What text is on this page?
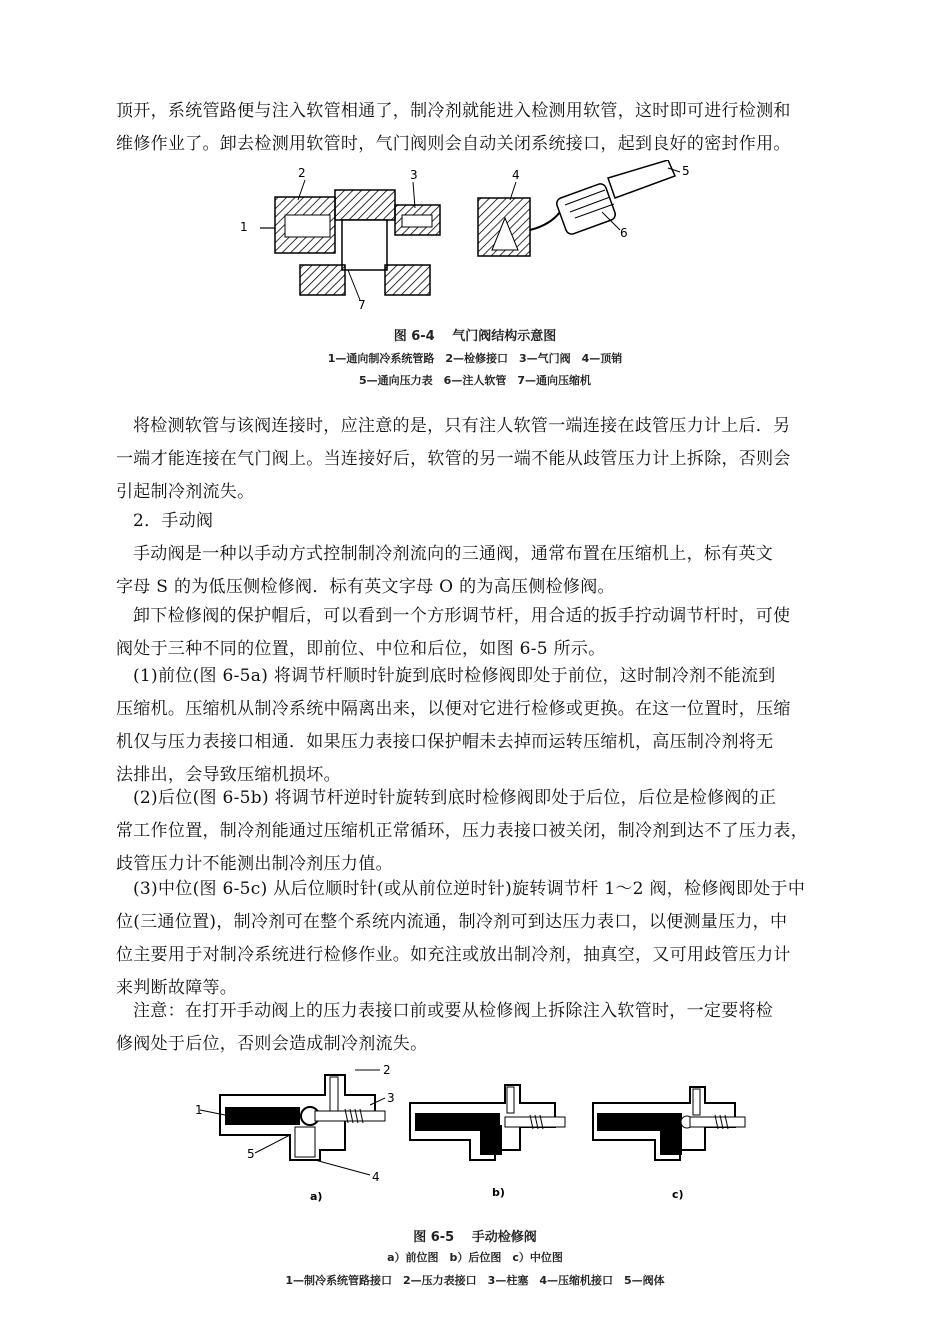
顶开，系统管路便与注入软管相通了，制冷剂就能进入检测用软管，这时即可进行检测和
维修作业了。卸去检测用软管时，气门阀则会自动关闭系统接口，起到良好的密封作用。
1
2	3
7
4	5
6
图 6-4　 气门阀结构示意图
1—通向制冷系统管路　2—检修接口　3—气门阀　4—顶销
5—通向压力表　6—注人软管　7—通向压缩机
将检测软管与该阀连接时，应注意的是，只有注人软管一端连接在歧管压力计上后．另
一端才能连接在气门阀上。当连接好后，软管的另一端不能从歧管压力计上拆除，否则会
引起制冷剂流失。
2．手动阀
手动阀是一种以手动方式控制制冷剂流向的三通阀，通常布置在压缩机上，标有英文
字母 S 的为低压侧检修阀．标有英文字母 O 的为高压侧检修阀。
卸下检修阀的保护帽后，可以看到一个方形调节杆，用合适的扳手拧动调节杆时，可使
阀处于三种不同的位置，即前位、中位和后位，如图 6-5 所示。
(1)前位(图 6-5a) 将调节杆顺时针旋到底时检修阀即处于前位，这时制冷剂不能流到
压缩机。压缩机从制冷系统中隔离出来，以便对它进行检修或更换。在这一位置时，压缩
机仅与压力表接口相通．如果压力表接口保护帽未去掉而运转压缩机，高压制冷剂将无
法排出，会导致压缩机损坏。
(2)后位(图 6-5b) 将调节杆逆时针旋转到底时检修阀即处于后位，后位是检修阀的正
常工作位置，制冷剂能通过压缩机正常循环，压力表接口被关闭，制冷剂到达不了压力表，
歧管压力计不能测出制冷剂压力值。
(3)中位(图 6-5c) 从后位顺时针(或从前位逆时针)旋转调节杆 1～2 阀，检修阀即处于中
位(三通位置)，制冷剂可在整个系统内流通，制冷剂可到达压力表口，以便测量压力，中
位主要用于对制冷系统进行检修作业。如充注或放出制冷剂，抽真空，又可用歧管压力计
来判断故障等。
注意：在打开手动阀上的压力表接口前或要从检修阀上拆除注入软管时，一定要将检
修阀处于后位，否则会造成制冷剂流失。
1
2
3
5
4
a)	b)	c)
图 6-5　 手动检修阀
a）前位图　b）后位图　c）中位图
1—制冷系统管路接口　2—压力表接口　3—柱塞　4—压缩机接口　5—阀体
